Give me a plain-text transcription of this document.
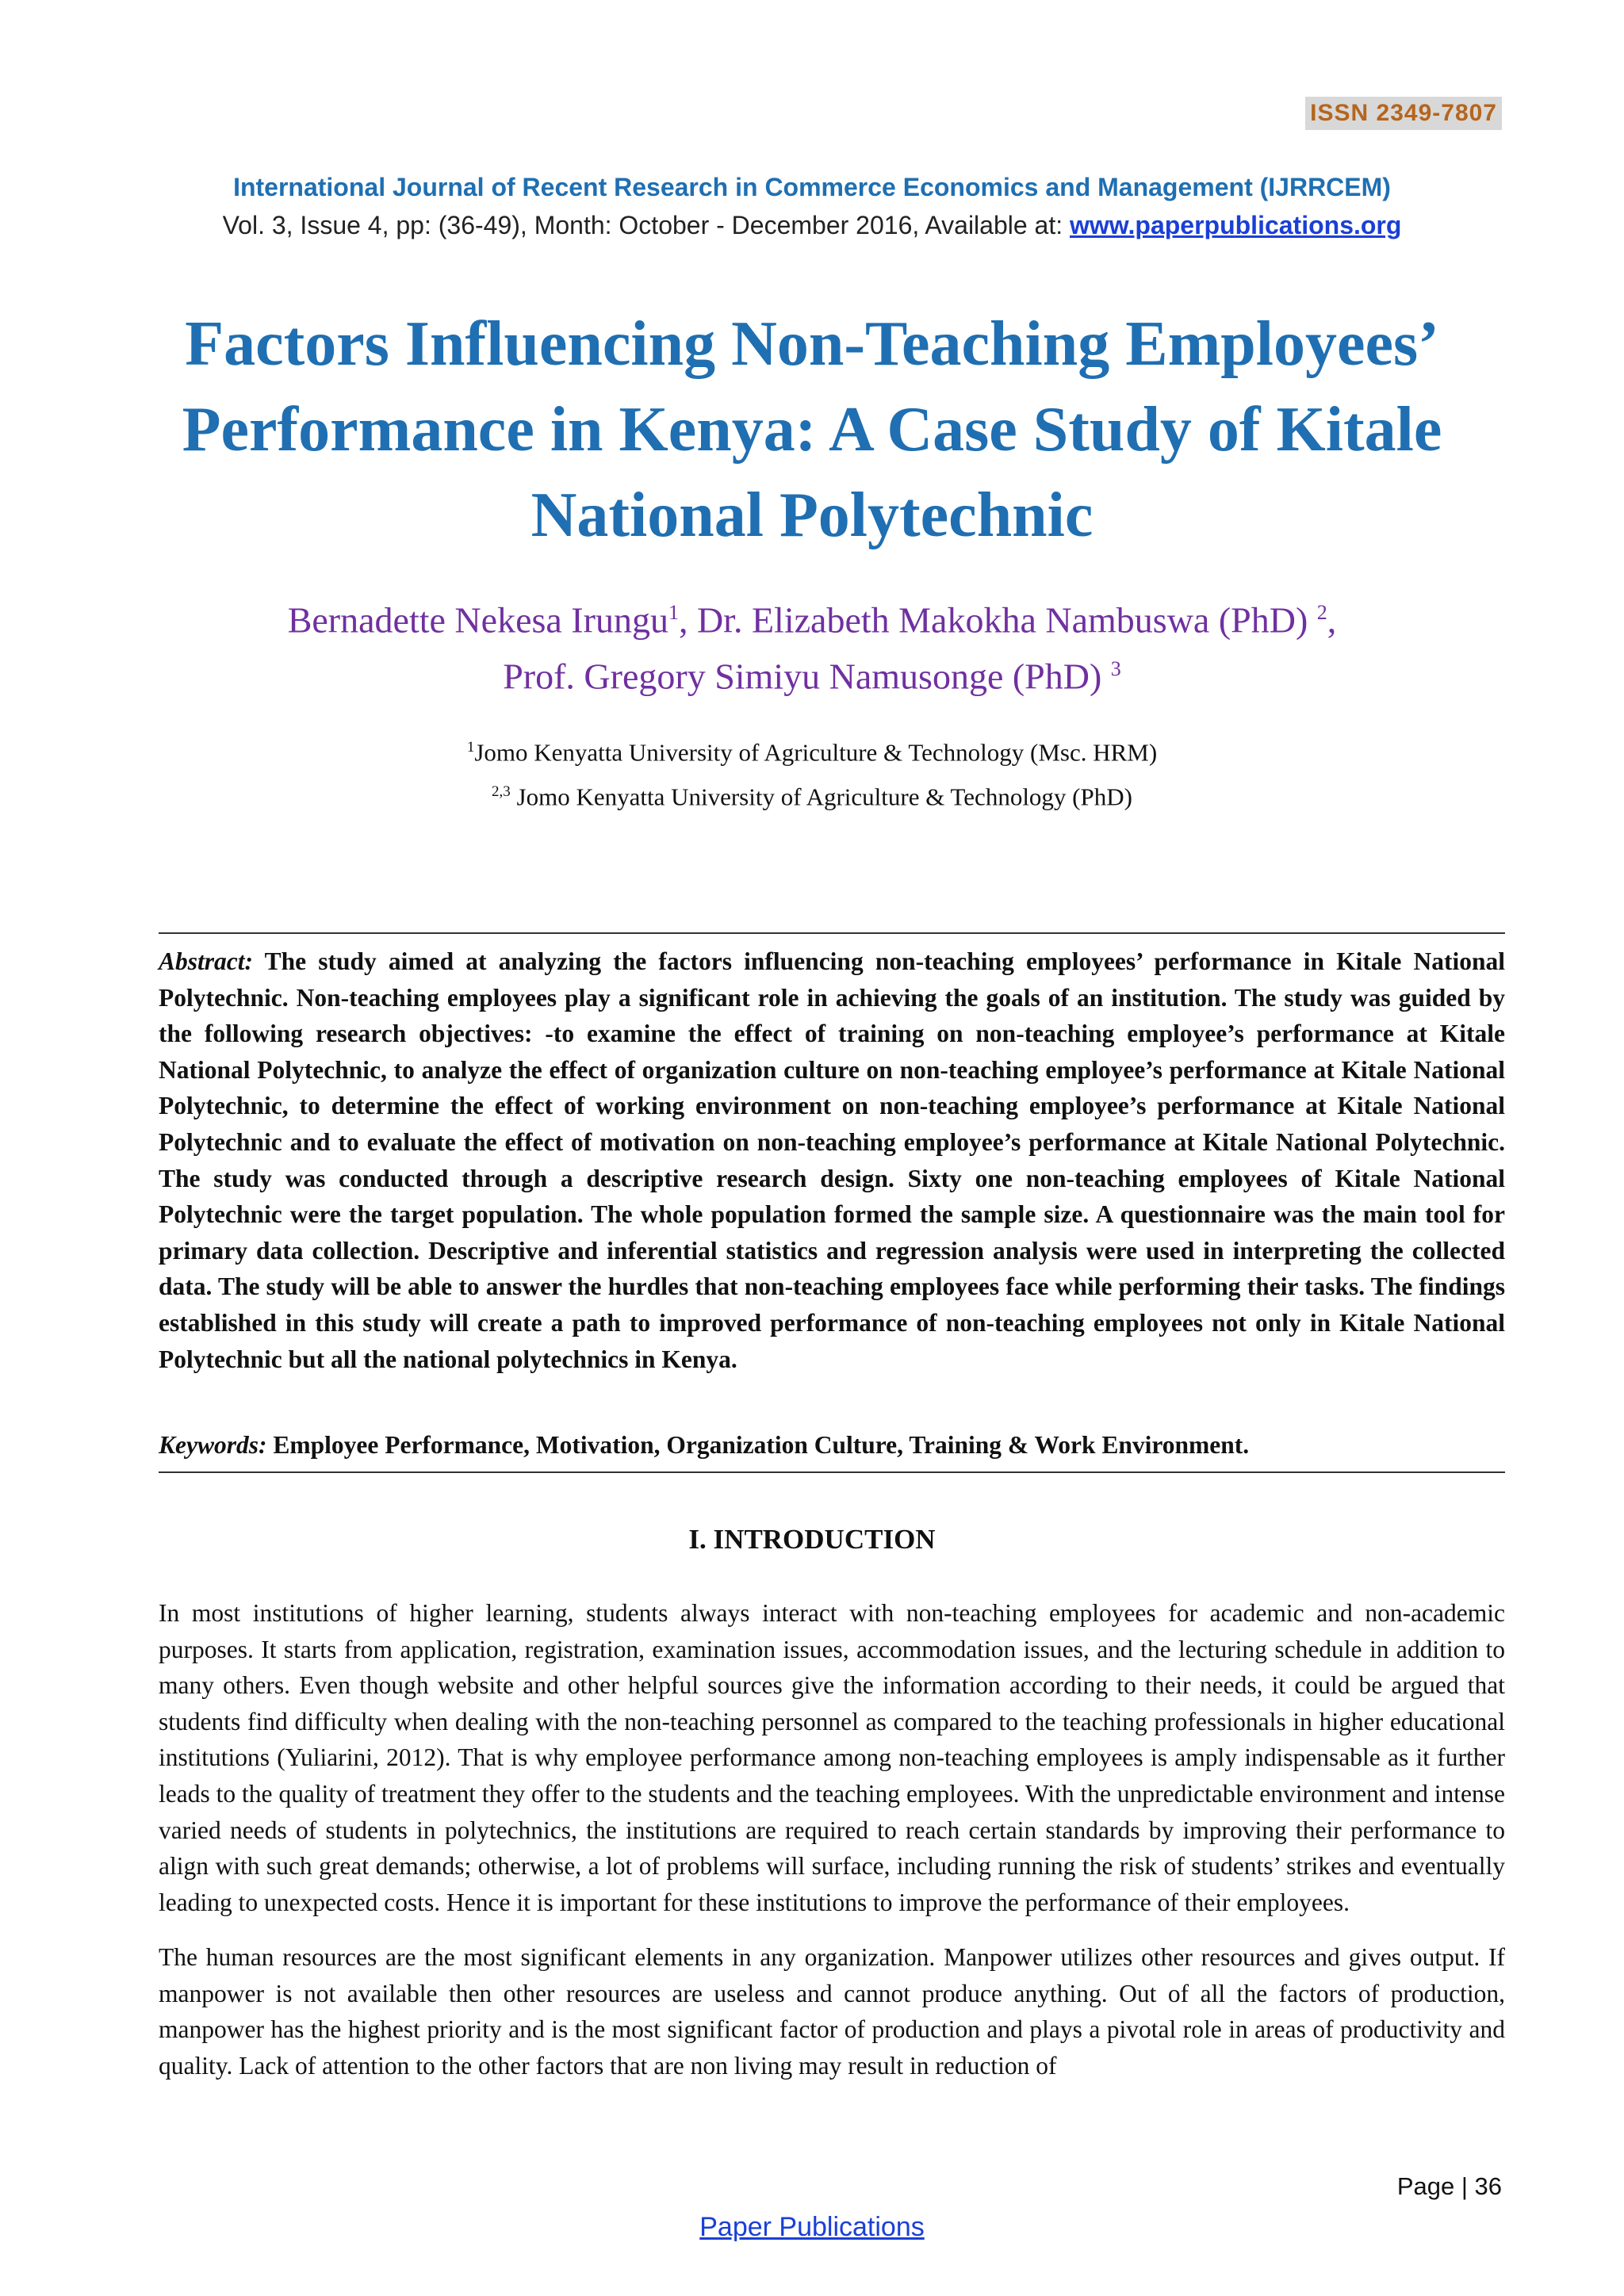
ISSN 2349-7807
International Journal of Recent Research in Commerce Economics and Management (IJRRCEM)
Vol. 3, Issue 4, pp: (36-49), Month: October - December 2016, Available at: www.paperpublications.org
Factors Influencing Non-Teaching Employees’ Performance in Kenya: A Case Study of Kitale National Polytechnic
Bernadette Nekesa Irungu$^1$, Dr. Elizabeth Makokha Nambuswa (PhD) $^2$,
Prof. Gregory Simiyu Namusonge (PhD) $^3$
$^1$Jomo Kenyatta University of Agriculture & Technology (Msc. HRM)
$^{2,3}$ Jomo Kenyatta University of Agriculture & Technology (PhD)

Abstract: The study aimed at analyzing the factors influencing non-teaching employees’ performance in Kitale National Polytechnic. Non-teaching employees play a significant role in achieving the goals of an institution. The study was guided by the following research objectives: -to examine the effect of training on non-teaching employee’s performance at Kitale National Polytechnic, to analyze the effect of organization culture on non-teaching employee’s performance at Kitale National Polytechnic, to determine the effect of working environment on non-teaching employee’s performance at Kitale National Polytechnic and to evaluate the effect of motivation on non-teaching employee’s performance at Kitale National Polytechnic. The study was conducted through a descriptive research design. Sixty one non-teaching employees of Kitale National Polytechnic were the target population. The whole population formed the sample size. A questionnaire was the main tool for primary data collection. Descriptive and inferential statistics and regression analysis were used in interpreting the collected data. The study will be able to answer the hurdles that non-teaching employees face while performing their tasks. The findings established in this study will create a path to improved performance of non-teaching employees not only in Kitale National Polytechnic but all the national polytechnics in Kenya.

Keywords: Employee Performance, Motivation, Organization Culture, Training & Work Environment.

I. INTRODUCTION

In most institutions of higher learning, students always interact with non-teaching employees for academic and non-academic purposes. It starts from application, registration, examination issues, accommodation issues, and the lecturing schedule in addition to many others. Even though website and other helpful sources give the information according to their needs, it could be argued that students find difficulty when dealing with the non-teaching personnel as compared to the teaching professionals in higher educational institutions (Yuliarini, 2012). That is why employee performance among non-teaching employees is amply indispensable as it further leads to the quality of treatment they offer to the students and the teaching employees. With the unpredictable environment and intense varied needs of students in polytechnics, the institutions are required to reach certain standards by improving their performance to align with such great demands; otherwise, a lot of problems will surface, including running the risk of students’ strikes and eventually leading to unexpected costs. Hence it is important for these institutions to improve the performance of their employees.

The human resources are the most significant elements in any organization. Manpower utilizes other resources and gives output. If manpower is not available then other resources are useless and cannot produce anything. Out of all the factors of production, manpower has the highest priority and is the most significant factor of production and plays a pivotal role in areas of productivity and quality. Lack of attention to the other factors that are non living may result in reduction of

Page | 36
Paper Publications
